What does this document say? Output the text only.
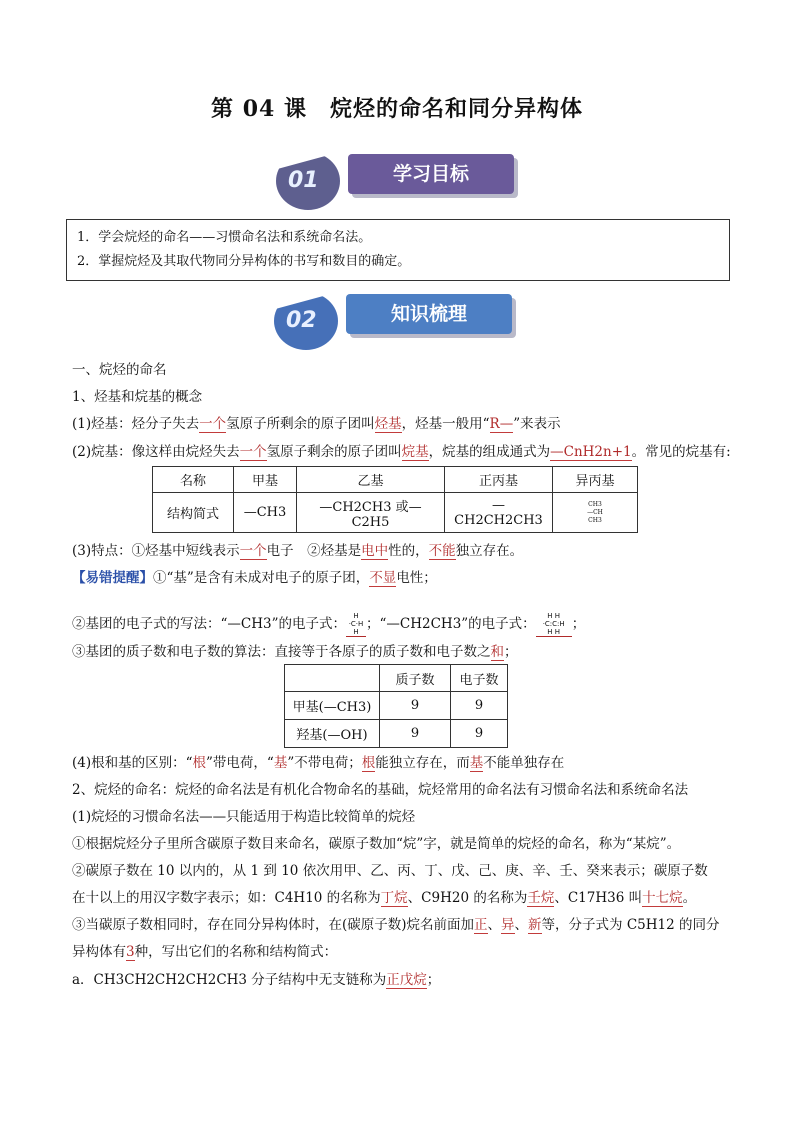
第 04 课　烷烃的命名和同分异构体
01	学习目标
1．学会烷烃的命名——习惯命名法和系统命名法。
2．掌握烷烃及其取代物同分异构体的书写和数目的确定。
02	知识梳理
一、烷烃的命名
1、烃基和烷基的概念
(1)烃基：烃分子失去一个氢原子所剩余的原子团叫烃基，烃基一般用“R—”来表示
(2)烷基：像这样由烷烃失去一个氢原子剩余的原子团叫烷基，烷基的组成通式为—CnH2n+1。常见的烷基有:
名称	甲基	乙基	正丙基	异丙基
结构简式	—CH3	—CH2CH3 或—C2H5	—CH2CH2CH3	CH3
—CH
CH3
(3)特点：①烃基中短线表示一个电子　②烃基是电中性的，不能独立存在。
【易错提醒】①“基”是含有未成对电子的原子团，不显电性；
②基团的电子式的写法：“—CH3”的电子式： H
·C·H
H ；“—CH2CH3”的电子式： H H
·C:C:H
H H ；
③基团的质子数和电子数的算法：直接等于各原子的质子数和电子数之和；
	质子数	电子数
甲基(—CH3)	9	9
羟基(—OH)	9	9
(4)根和基的区别：“根”带电荷，“基”不带电荷；根能独立存在，而基不能单独存在
2、烷烃的命名：烷烃的命名法是有机化合物命名的基础，烷烃常用的命名法有习惯命名法和系统命名法
(1)烷烃的习惯命名法——只能适用于构造比较简单的烷烃
①根据烷烃分子里所含碳原子数目来命名，碳原子数加“烷”字，就是简单的烷烃的命名，称为“某烷”。
②碳原子数在 10 以内的，从 1 到 10 依次用甲、乙、丙、丁、戊、己、庚、辛、壬、癸来表示；碳原子数
在十以上的用汉字数字表示；如：C4H10 的名称为丁烷、C9H20 的名称为壬烷、C17H36 叫十七烷。
③当碳原子数相同时，存在同分异构体时，在(碳原子数)烷名前面加正、异、新等，分子式为 C5H12 的同分
异构体有3种，写出它们的名称和结构简式：
a．CH3CH2CH2CH2CH3 分子结构中无支链称为正戊烷；
